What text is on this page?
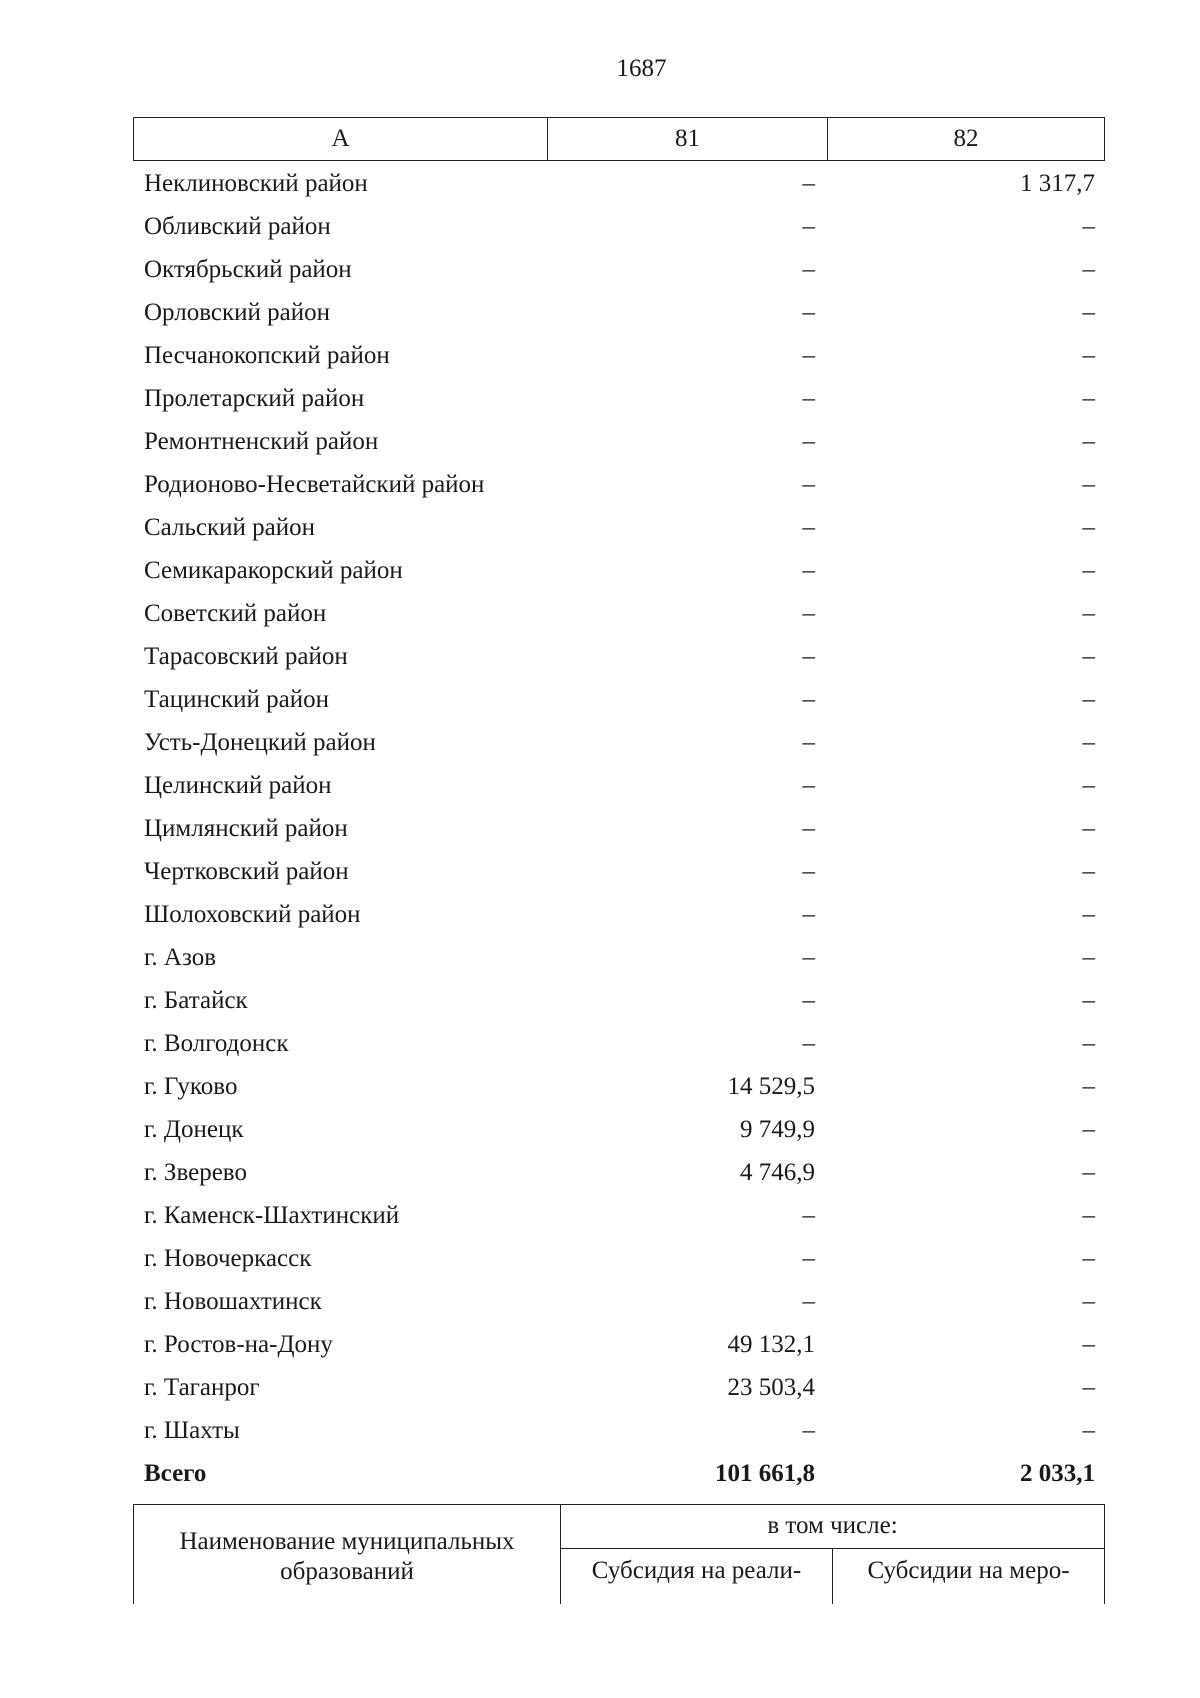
1687
А	81	82
Неклиновский район	–	1 317,7
Обливский район	–	–
Октябрьский район	–	–
Орловский район	–	–
Песчанокопский район	–	–
Пролетарский район	–	–
Ремонтненский район	–	–
Родионово-Несветайский район	–	–
Сальский район	–	–
Семикаракорский район	–	–
Советский район	–	–
Тарасовский район	–	–
Тацинский район	–	–
Усть-Донецкий район	–	–
Целинский район	–	–
Цимлянский район	–	–
Чертковский район	–	–
Шолоховский район	–	–
г. Азов	–	–
г. Батайск	–	–
г. Волгодонск	–	–
г. Гуково	14 529,5	–
г. Донецк	9 749,9	–
г. Зверево	4 746,9	–
г. Каменск-Шахтинский	–	–
г. Новочеркасск	–	–
г. Новошахтинск	–	–
г. Ростов-на-Дону	49 132,1	–
г. Таганрог	23 503,4	–
г. Шахты	–	–
Всего	101 661,8	2 033,1
Наименование муниципальных
образований
в том числе:
Субсидия на реали-	Субсидии на меро-
